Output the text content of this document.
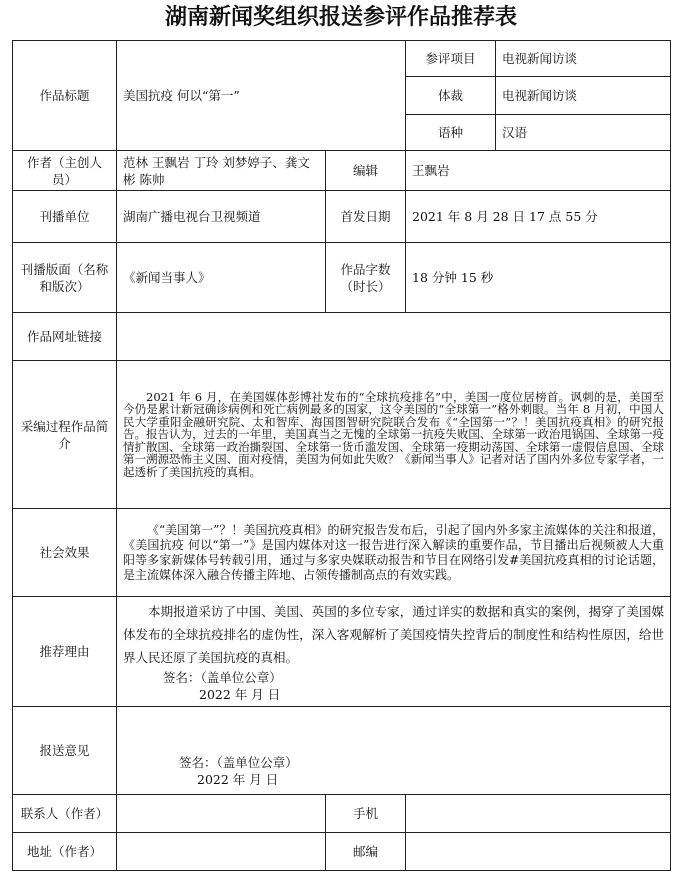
湖南新闻奖组织报送参评作品推荐表
作品标题	美国抗疫 何以“第一”		参评项目	电视新闻访谈
			体裁	电视新闻访谈
			语种	汉语
作者（主创人员）	范林 王飘岩 丁玲 刘梦婷子、龚文彬 陈帅	编辑	王飘岩	
刊播单位	湖南广播电视台卫视频道	首发日期	2021 年 8 月 28 日 17 点 55 分	
刊播版面（名称和版次）	《新闻当事人》	作品字数（时长）	18 分钟 15 秒	
作品网址链接				
采编过程作品简介	2021 年 6 月，在美国媒体彭博社发布的“全球抗疫排名”中，美国一度位居榜首。讽刺的是，美国至今仍是累计新冠确诊病例和死亡病例最多的国家，这令美国的“全球第一”格外刺眼。当年 8 月初，中国人民大学重阳金融研究院、太和智库、海国图智研究院联合发布《“全国第一”？！美国抗疫真相》的研究报告。报告认为，过去的一年里，美国真当之无愧的全球第一抗疫失败国、全球第一政治甩锅国、全球第一疫情扩散国、全球第一政治撕裂国、全球第一货币滥发国、全球第一疫期动荡国、全球第一虚假信息国、全球第一溯源恐怖主义国、面对疫情，美国为何如此失败？《新闻当事人》记者对话了国内外多位专家学者，一起透析了美国抗疫的真相。			
社会效果	《“美国第一”？！美国抗疫真相》的研究报告发布后，引起了国内外多家主流媒体的关注和报道，《美国抗疫 何以“第一”》是国内媒体对这一报告进行深入解读的重要作品，节目播出后视频被人大重阳等多家新媒体号转载引用，通过与多家央媒联动报告和节目在网络引发#美国抗疫真相的讨论话题，是主流媒体深入融合传播主阵地、占领传播制高点的有效实践。			
推荐理由	本期报道采访了中国、美国、英国的多位专家，通过详实的数据和真实的案例，揭穿了美国媒体发布的全球抗疫排名的虚伪性，深入客观解析了美国疫情失控背后的制度性和结构性原因，给世界人民还原了美国抗疫的真相。
签名：（盖单位公章）
2022 年 月 日			

报送意见	签名：（盖单位公章）
2022 年 月 日			

联系人（作者）		手机		
地址（作者）		邮编		
